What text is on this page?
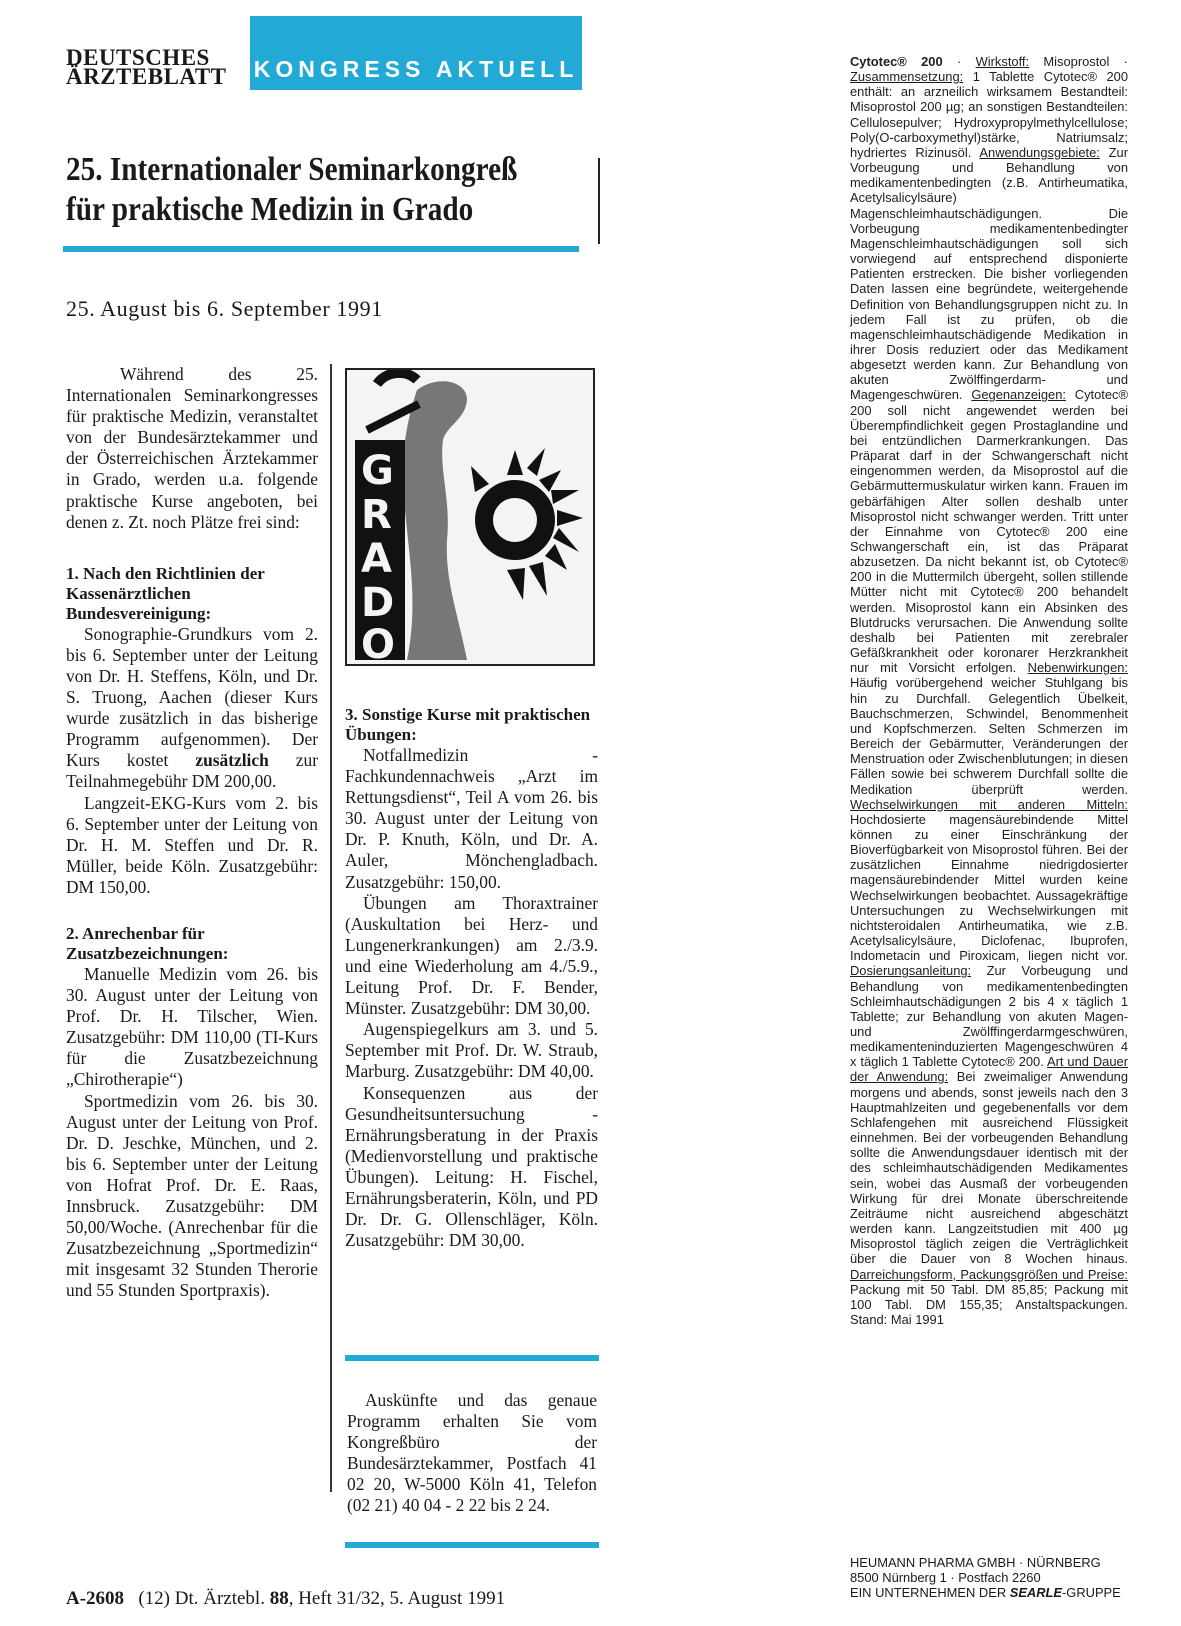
DEUTSCHES
ÄRZTEBLATT KONGRESS AKTUELL
25. Internationaler Seminarkongreß
für praktische Medizin in Grado
25. August bis 6. September 1991

Während des 25. Internationalen Seminarkongresses für praktische Medizin, veranstaltet von der Bundesärztekammer und der Österreichischen Ärztekammer in Grado, werden u.a. folgende praktische Kurse angeboten, bei denen z. Zt. noch Plätze frei sind:

1. Nach den Richtlinien der Kassenärztlichen Bundesvereinigung:

Sonographie-Grundkurs vom 2. bis 6. September unter der Leitung von Dr. H. Steffens, Köln, und Dr. S. Truong, Aachen (dieser Kurs wurde zusätzlich in das bisherige Programm aufgenommen). Der Kurs kostet zusätzlich zur Teilnahmegebühr DM 200,00.

Langzeit-EKG-Kurs vom 2. bis 6. September unter der Leitung von Dr. H. M. Steffen und Dr. R. Müller, beide Köln. Zusatzgebühr: DM 150,00.

2. Anrechenbar für Zusatzbezeichnungen:

Manuelle Medizin vom 26. bis 30. August unter der Leitung von Prof. Dr. H. Tilscher, Wien. Zusatzgebühr: DM 110,00 (TI-Kurs für die Zusatzbezeichnung „Chirotherapie“)

Sportmedizin vom 26. bis 30. August unter der Leitung von Prof. Dr. D. Jeschke, München, und 2. bis 6. September unter der Leitung von Hofrat Prof. Dr. E. Raas, Innsbruck. Zusatzgebühr: DM 50,00/Woche. (Anrechenbar für die Zusatzbezeichnung „Sportmedizin“ mit insgesamt 32 Stunden Therorie und 55 Stunden Sportpraxis).

G
R
A
D
O
3. Sonstige Kurse mit praktischen Übungen:

Notfallmedizin - Fachkundennachweis „Arzt im Rettungsdienst“, Teil A vom 26. bis 30. August unter der Leitung von Dr. P. Knuth, Köln, und Dr. A. Auler, Mönchengladbach. Zusatzgebühr: 150,00.

Übungen am Thoraxtrainer (Auskultation bei Herz- und Lungenerkrankungen) am 2./3.9. und eine Wiederholung am 4./5.9., Leitung Prof. Dr. F. Bender, Münster. Zusatzgebühr: DM 30,00.

Augenspiegelkurs am 3. und 5. September mit Prof. Dr. W. Straub, Marburg. Zusatzgebühr: DM 40,00.

Konsequenzen aus der Gesundheitsuntersuchung - Ernährungsberatung in der Praxis (Medienvorstellung und praktische Übungen). Leitung: H. Fischel, Ernährungsberaterin, Köln, und PD Dr. Dr. G. Ollenschläger, Köln. Zusatzgebühr: DM 30,00.

Auskünfte und das genaue Programm erhalten Sie vom Kongreßbüro der Bundesärztekammer, Postfach 41 02 20, W-5000 Köln 41, Telefon (02 21) 40 04 - 2 22 bis 2 24.
A-2608 (12) Dt. Ärztebl. 88, Heft 31/32, 5. August 1991
Cytotec® 200 · Wirkstoff: Misoprostol · Zusammensetzung: 1 Tablette Cytotec® 200 enthält: an arzneilich wirksamem Bestandteil: Misoprostol 200 µg; an sonstigen Bestandteilen: Cellulosepulver; Hydroxypropylmethylcellulose; Poly(O-carboxymethyl)stärke, Natriumsalz; hydriertes Rizinusöl. Anwendungsgebiete: Zur Vorbeugung und Behandlung von medikamentenbedingten (z.B. Antirheumatika, Acetylsalicylsäure) Magenschleimhautschädigungen. Die Vorbeugung medikamentenbedingter Magenschleimhautschädigungen soll sich vorwiegend auf entsprechend disponierte Patienten erstrecken. Die bisher vorliegenden Daten lassen eine begründete, weitergehende Definition von Behandlungsgruppen nicht zu. In jedem Fall ist zu prüfen, ob die magenschleimhautschädigende Medikation in ihrer Dosis reduziert oder das Medikament abgesetzt werden kann. Zur Behandlung von akuten Zwölffingerdarm- und Magengeschwüren. Gegenanzeigen: Cytotec® 200 soll nicht angewendet werden bei Überempfindlichkeit gegen Prostaglandine und bei entzündlichen Darmerkrankungen. Das Präparat darf in der Schwangerschaft nicht eingenommen werden, da Misoprostol auf die Gebärmuttermuskulatur wirken kann. Frauen im gebärfähigen Alter sollen deshalb unter Misoprostol nicht schwanger werden. Tritt unter der Einnahme von Cytotec® 200 eine Schwangerschaft ein, ist das Präparat abzusetzen. Da nicht bekannt ist, ob Cytotec® 200 in die Muttermilch übergeht, sollen stillende Mütter nicht mit Cytotec® 200 behandelt werden. Misoprostol kann ein Absinken des Blutdrucks verursachen. Die Anwendung sollte deshalb bei Patienten mit zerebraler Gefäßkrankheit oder koronarer Herzkrankheit nur mit Vorsicht erfolgen. Nebenwirkungen: Häufig vorübergehend weicher Stuhlgang bis hin zu Durchfall. Gelegentlich Übelkeit, Bauchschmerzen, Schwindel, Benommenheit und Kopfschmerzen. Selten Schmerzen im Bereich der Gebärmutter, Veränderungen der Menstruation oder Zwischenblutungen; in diesen Fällen sowie bei schwerem Durchfall sollte die Medikation überprüft werden. Wechselwirkungen mit anderen Mitteln: Hochdosierte magensäurebindende Mittel können zu einer Einschränkung der Bioverfügbarkeit von Misoprostol führen. Bei der zusätzlichen Einnahme niedrigdosierter magensäurebindender Mittel wurden keine Wechselwirkungen beobachtet. Aussagekräftige Untersuchungen zu Wechselwirkungen mit nichtsteroidalen Antirheumatika, wie z.B. Acetylsalicylsäure, Diclofenac, Ibuprofen, Indometacin und Piroxicam, liegen nicht vor. Dosierungsanleitung: Zur Vorbeugung und Behandlung von medikamentenbedingten Schleimhautschädigungen 2 bis 4 x täglich 1 Tablette; zur Behandlung von akuten Magen- und Zwölffingerdarmgeschwüren, medikamenteninduzierten Magengeschwüren 4 x täglich 1 Tablette Cytotec® 200. Art und Dauer der Anwendung: Bei zweimaliger Anwendung morgens und abends, sonst jeweils nach den 3 Hauptmahlzeiten und gegebenenfalls vor dem Schlafengehen mit ausreichend Flüssigkeit einnehmen. Bei der vorbeugenden Behandlung sollte die Anwendungsdauer identisch mit der des schleimhautschädigenden Medikamentes sein, wobei das Ausmaß der vorbeugenden Wirkung für drei Monate überschreitende Zeiträume nicht ausreichend abgeschätzt werden kann. Langzeitstudien mit 400 µg Misoprostol täglich zeigen die Verträglichkeit über die Dauer von 8 Wochen hinaus. Darreichungsform, Packungsgrößen und Preise: Packung mit 50 Tabl. DM 85,85; Packung mit 100 Tabl. DM 155,35; Anstaltspackungen. Stand: Mai 1991
HEUMANN PHARMA GMBH · NÜRNBERG
8500 Nürnberg 1 · Postfach 2260
EIN UNTERNEHMEN DER SEARLE-GRUPPE
